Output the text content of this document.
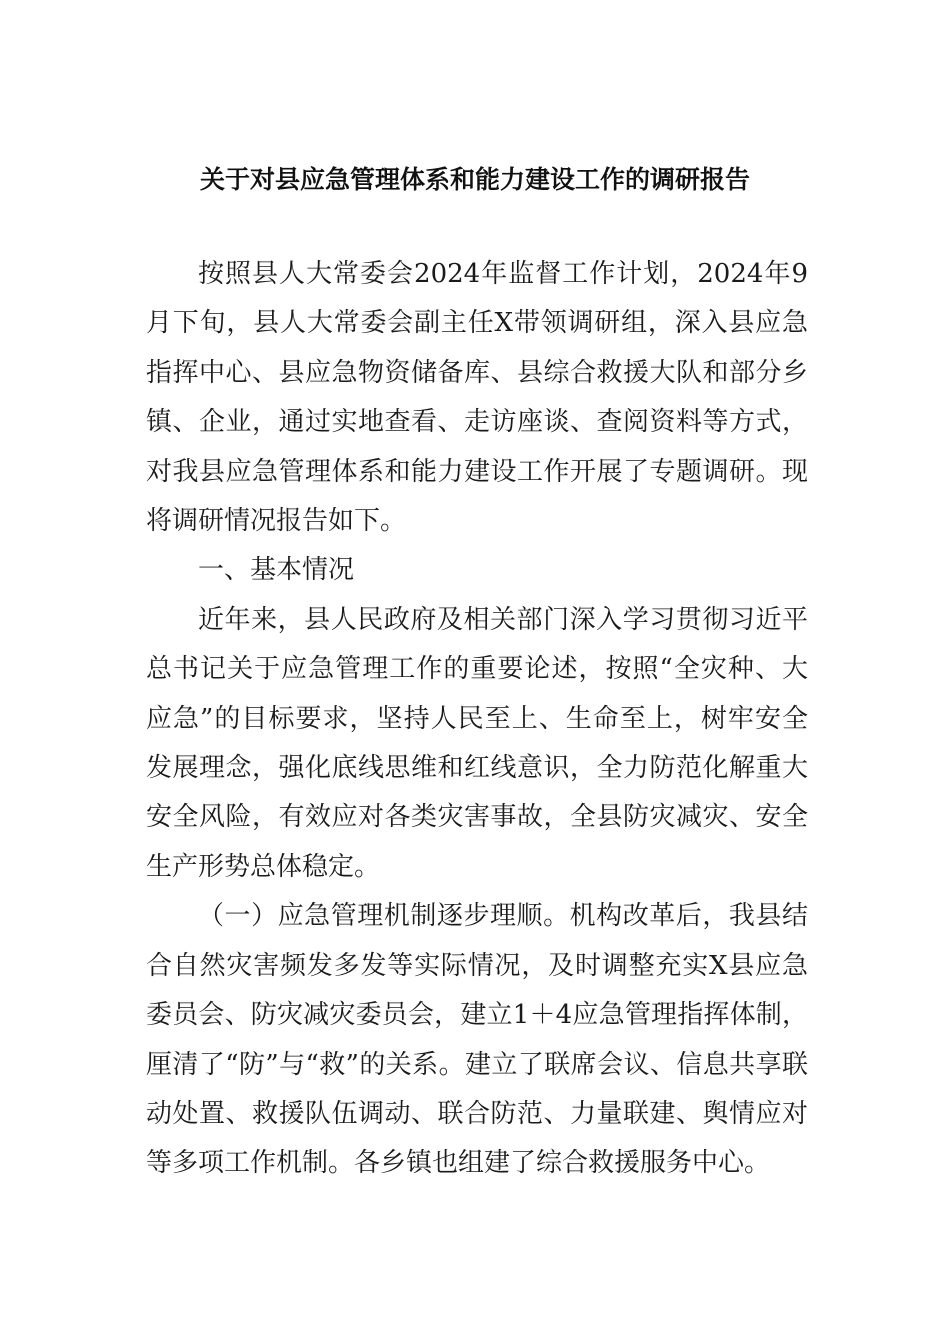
关于对县应急管理体系和能力建设工作的调研报告

按照县人大常委会2024年监督工作计划，2024年9月下旬，县人大常委会副主任X带领调研组，深入县应急指挥中心、县应急物资储备库、县综合救援大队和部分乡镇、企业，通过实地查看、走访座谈、查阅资料等方式，对我县应急管理体系和能力建设工作开展了专题调研。现将调研情况报告如下。

一、基本情况

近年来，县人民政府及相关部门深入学习贯彻习近平总书记关于应急管理工作的重要论述，按照“全灾种、大应急”的目标要求，坚持人民至上、生命至上，树牢安全发展理念，强化底线思维和红线意识，全力防范化解重大安全风险，有效应对各类灾害事故，全县防灾减灾、安全生产形势总体稳定。

（一）应急管理机制逐步理顺。机构改革后，我县结合自然灾害频发多发等实际情况，及时调整充实X县应急委员会、防灾减灾委员会，建立1＋4应急管理指挥体制，厘清了“防”与“救”的关系。建立了联席会议、信息共享联动处置、救援队伍调动、联合防范、力量联建、舆情应对等多项工作机制。各乡镇也组建了综合救援服务中心。
